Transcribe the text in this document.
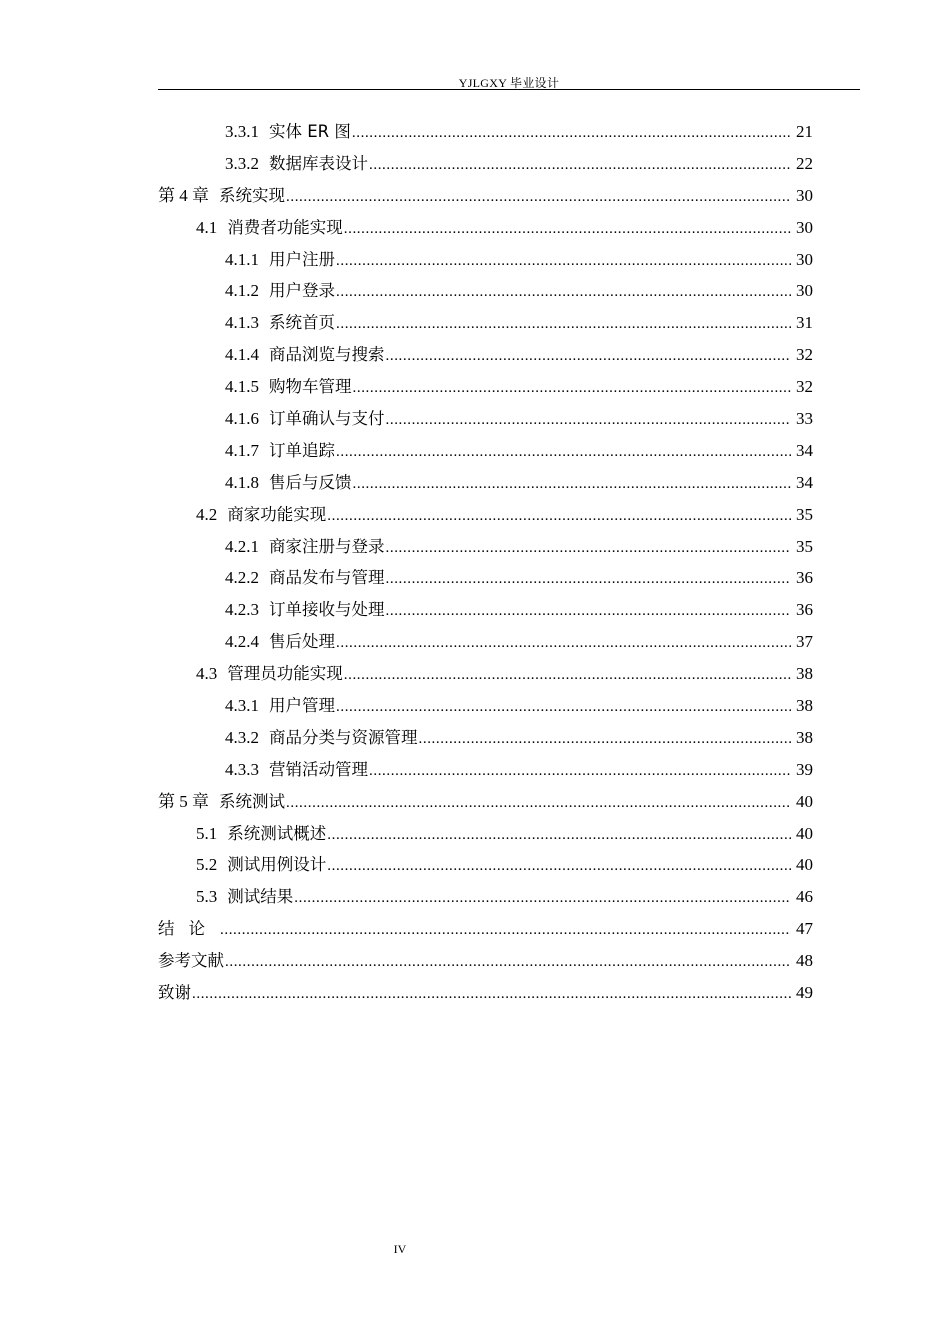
YJLGXY 毕业设计
3.3.1 实体 ER 图 .....	21
3.3.2 数据库表设计 .....	22
第 4 章 系统实现 .....	30
4.1 消费者功能实现 .....	30
4.1.1 用户注册 .....	30
4.1.2 用户登录 .....	30
4.1.3 系统首页 .....	31
4.1.4 商品浏览与搜索 .....	32
4.1.5 购物车管理 .....	32
4.1.6 订单确认与支付 .....	33
4.1.7 订单追踪 .....	34
4.1.8 售后与反馈 .....	34
4.2 商家功能实现 .....	35
4.2.1 商家注册与登录 .....	35
4.2.2 商品发布与管理 .....	36
4.2.3 订单接收与处理 .....	36
4.2.4 售后处理 .....	37
4.3 管理员功能实现 .....	38
4.3.1 用户管理 .....	38
4.3.2 商品分类与资源管理 .....	38
4.3.3 营销活动管理 .....	39
第 5 章 系统测试 .....	40
5.1 系统测试概述 .....	40
5.2 测试用例设计 .....	40
5.3 测试结果 .....	46
结论 .....	47
参考文献 .....	48
致谢 .....	49
IV
